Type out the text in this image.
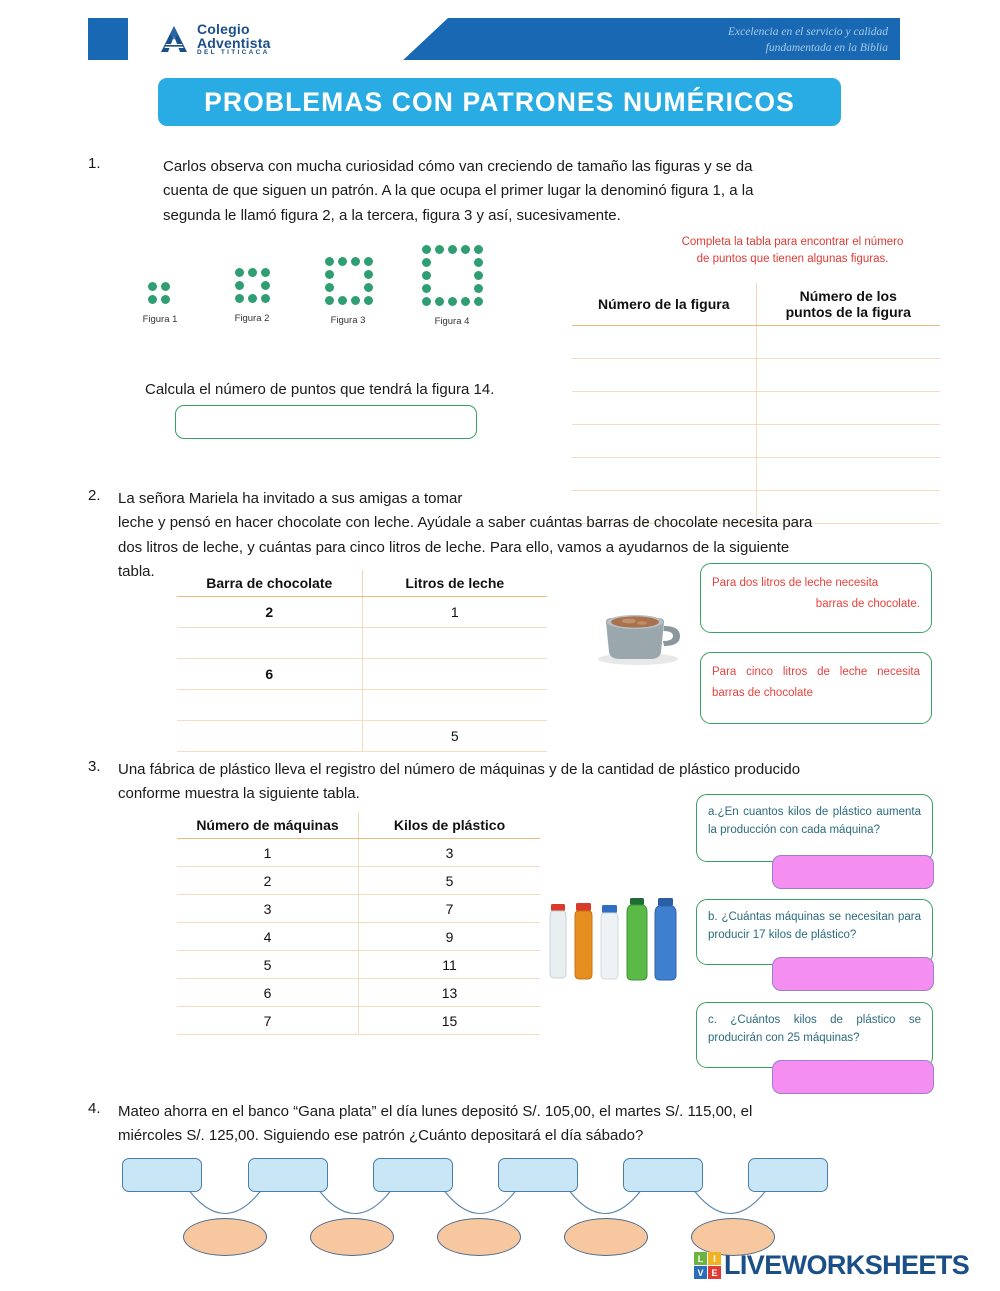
Colegio
Adventista
DEL TITICACA
Excelencia en el servicio y calidad
fundamentada en la Biblia
PROBLEMAS CON PATRONES NUMÉRICOS
1.	Carlos observa con mucha curiosidad cómo van creciendo de tamaño las figuras y se da
cuenta de que siguen un patrón. A la que ocupa el primer lugar la denominó figura 1, a la
segunda le llamó figura 2, a la tercera, figura 3 y así, sucesivamente.
Figura 1	Figura 2	Figura 3	Figura 4
Completa la tabla para encontrar el número
de puntos que tienen algunas figuras.
Número de la figura	Número de los
puntos de la figura

Calcula el número de puntos que tendrá la figura 14.
2. La señora Mariela ha invitado a sus amigas a tomar
leche y pensó en hacer chocolate con leche. Ayúdale a saber cuántas barras de chocolate necesita para
dos litros de leche, y cuántas para cinco litros de leche. Para ello, vamos a ayudarnos de la siguiente
tabla.
Barra de chocolate	Litros de leche
2	1

6	

	5
Para dos litros de leche necesita
barras de chocolate.
Para cinco litros de leche necesita barras de chocolate
3. Una fábrica de plástico lleva el registro del número de máquinas y de la cantidad de plástico producido
conforme muestra la siguiente tabla.
Número de máquinas	Kilos de plástico
1	3
2	5
3	7
4	9
5	11
6	13
7	15
a.¿En cuantos kilos de plástico aumenta la producción con cada máquina?
b. ¿Cuántas máquinas se necesitan para producir 17 kilos de plástico?
c. ¿Cuántos kilos de plástico se producirán con 25 máquinas?
4. Mateo ahorra en el banco “Gana plata” el día lunes depositó S/. 105,00, el martes S/. 115,00, el
miércoles S/. 125,00. Siguiendo ese patrón ¿Cuánto depositará el día sábado?
L	I
V E LIVEWORKSHEETS
